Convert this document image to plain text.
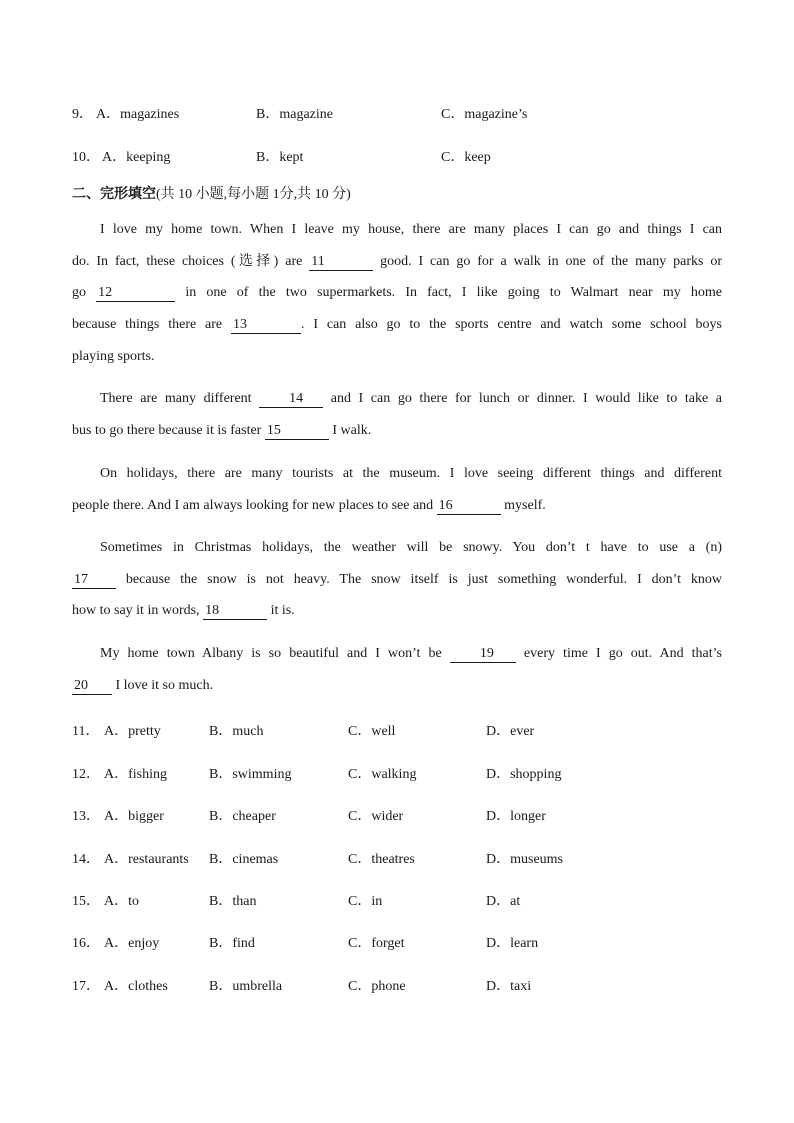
9． A．magazines	B．magazine	C．magazine’s
10． A．keeping	B．kept	C．keep
二、完形填空(共 10 小题,每小题 1分,共 10 分)
I love my home town. When I leave my house, there are many places I can go and things I can
do. In fact, these choices (选择) are 11	good. I can go for a walk in one of the many parks or
go 12	in one of the two supermarkets. In fact, I like going to Walmart near my home
because things there are 13	. I can also go to the sports centre and watch some school boys
playing sports.
There are many different	14 and I can go there for lunch or dinner. I would like to take a
bus to go there because it is faster 15	I walk.
On holidays, there are many tourists at the museum. I love seeing different things and different
people there. And I am always looking for new places to see and 16	myself.
Sometimes in Christmas holidays, the weather will be snowy. You don’t t have to use a (n)
17	because the snow is not heavy. The snow itself is just something wonderful. I don’t know
how to say it in words, 18	it is.
My home town Albany is so beautiful and I won’t be	19 every time I go out. And that’s
20 I love it so much.
11． A．pretty	B．much	C．well	D．ever
12． A．fishing	B．swimming	C．walking	D．shopping
13． A．bigger	B．cheaper	C．wider	D．longer
14． A．restaurants B．cinemas	C．theatres	D．museums
15． A．to	B．than	C．in	D．at
16． A．enjoy	B．find	C．forget	D．learn
17． A．clothes	B．umbrella	C．phone	D．taxi
